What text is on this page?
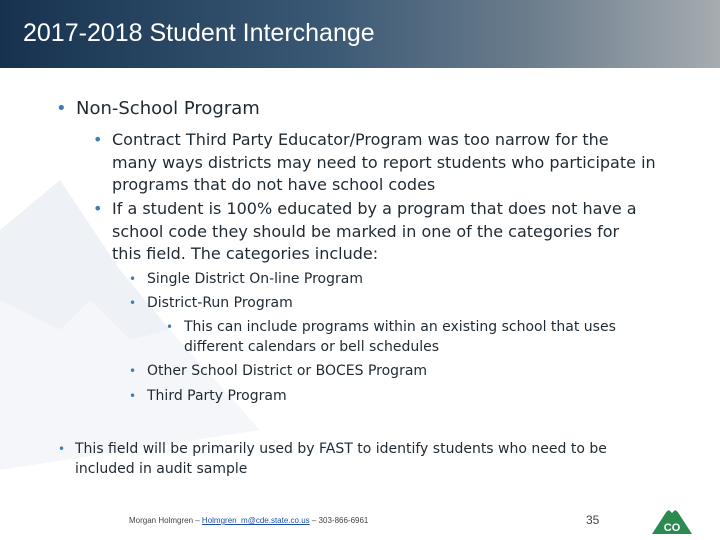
2017-2018 Student Interchange
• Non-School Program
• Contract Third Party Educator/Program was too narrow for the many ways districts may need to report students who participate in programs that do not have school codes
• If a student is 100% educated by a program that does not have a school code they should be marked in one of the categories for this field. The categories include:
• Single District On-line Program
• District-Run Program
• This can include programs within an existing school that uses different calendars or bell schedules
• Other School District or BOCES Program
• Third Party Program
• This field will be primarily used by FAST to identify students who need to be included in audit sample
Morgan Holmgren – Holmgren_m@cde.state.co.us – 303-866-6961	35
CO
